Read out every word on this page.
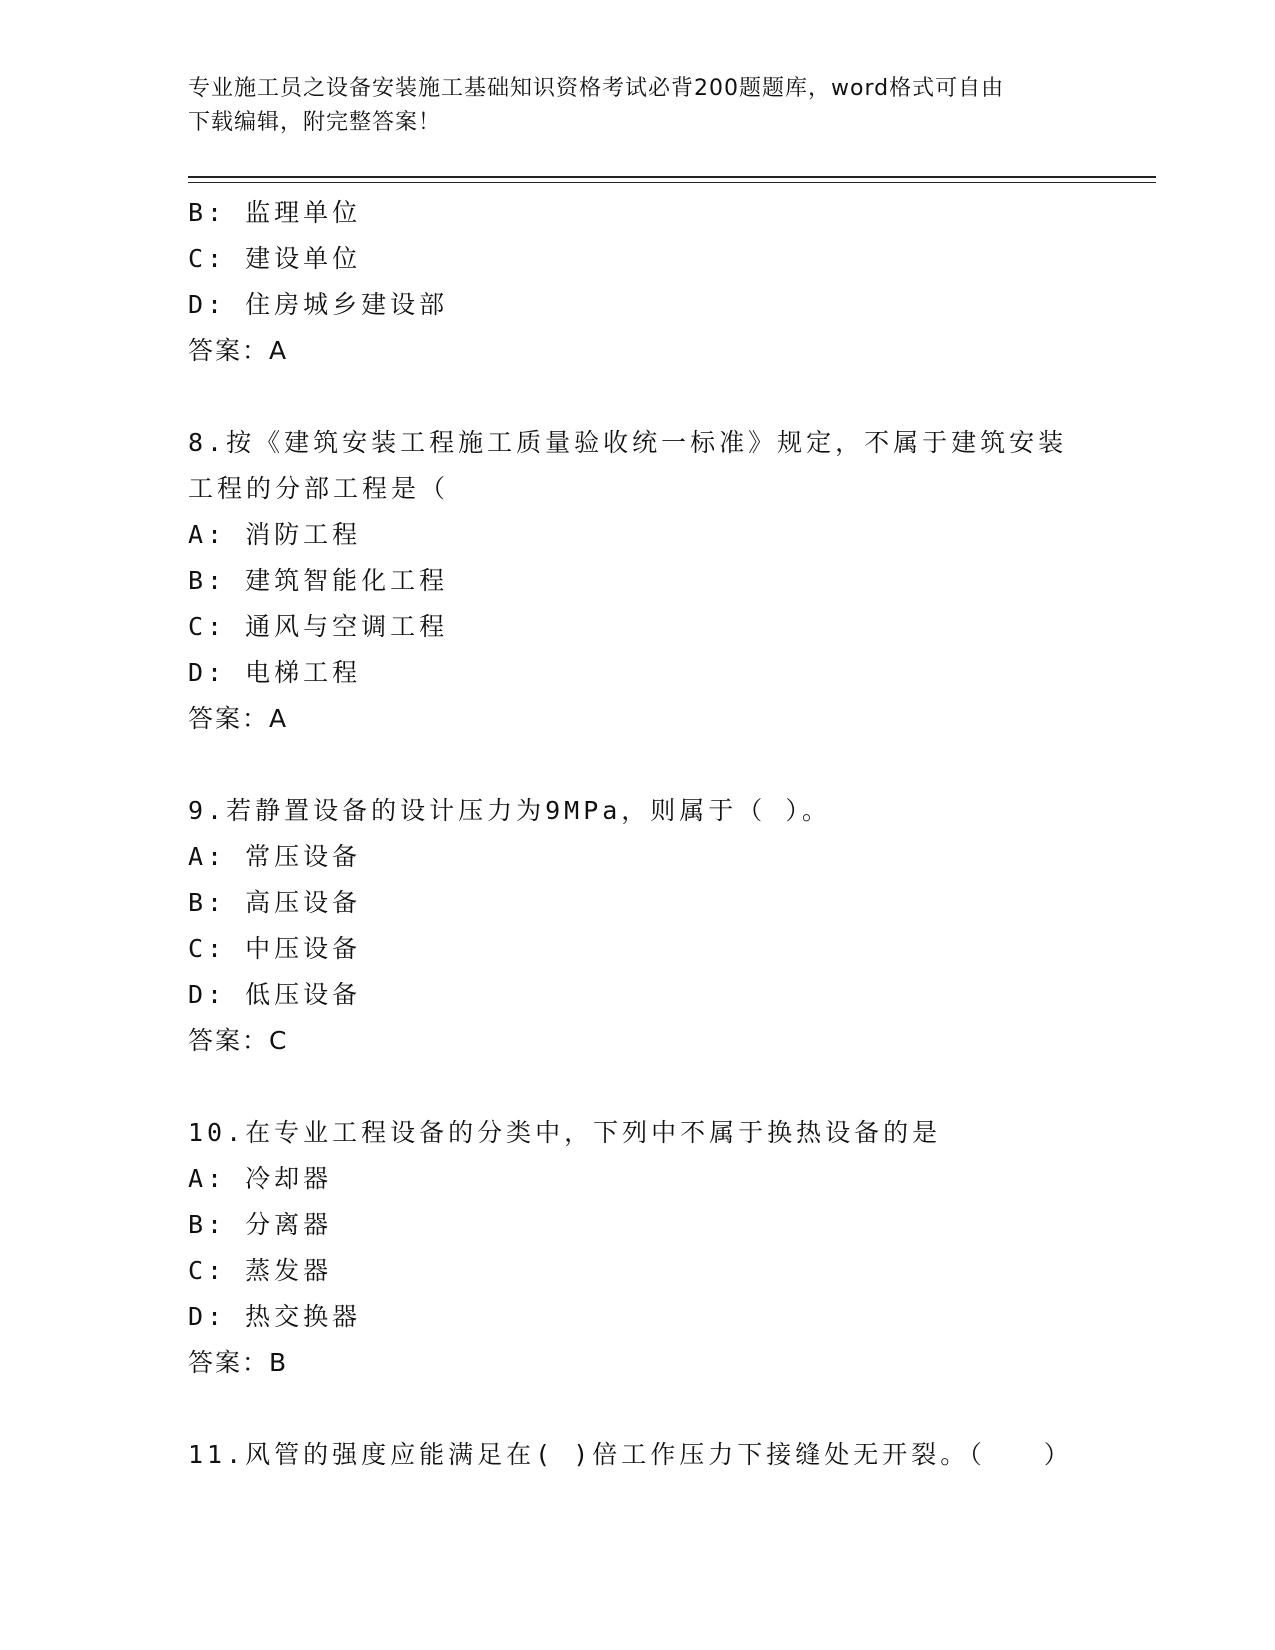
专业施工员之设备安装施工基础知识资格考试必背200题题库，word格式可自由
下载编辑，附完整答案！
B: 监理单位
C: 建设单位
D: 住房城乡建设部
答案：A
8.按《建筑安装工程施工质量验收统一标准》规定，不属于建筑安装
工程的分部工程是（
A: 消防工程
B: 建筑智能化工程
C: 通风与空调工程
D: 电梯工程
答案：A
9.若静置设备的设计压力为9MPa，则属于（ ）。
A: 常压设备
B: 高压设备
C: 中压设备
D: 低压设备
答案：C
10.在专业工程设备的分类中，下列中不属于换热设备的是
A: 冷却器
B: 分离器
C: 蒸发器
D: 热交换器
答案：B
11.风管的强度应能满足在( )倍工作压力下接缝处无开裂。（　　）
